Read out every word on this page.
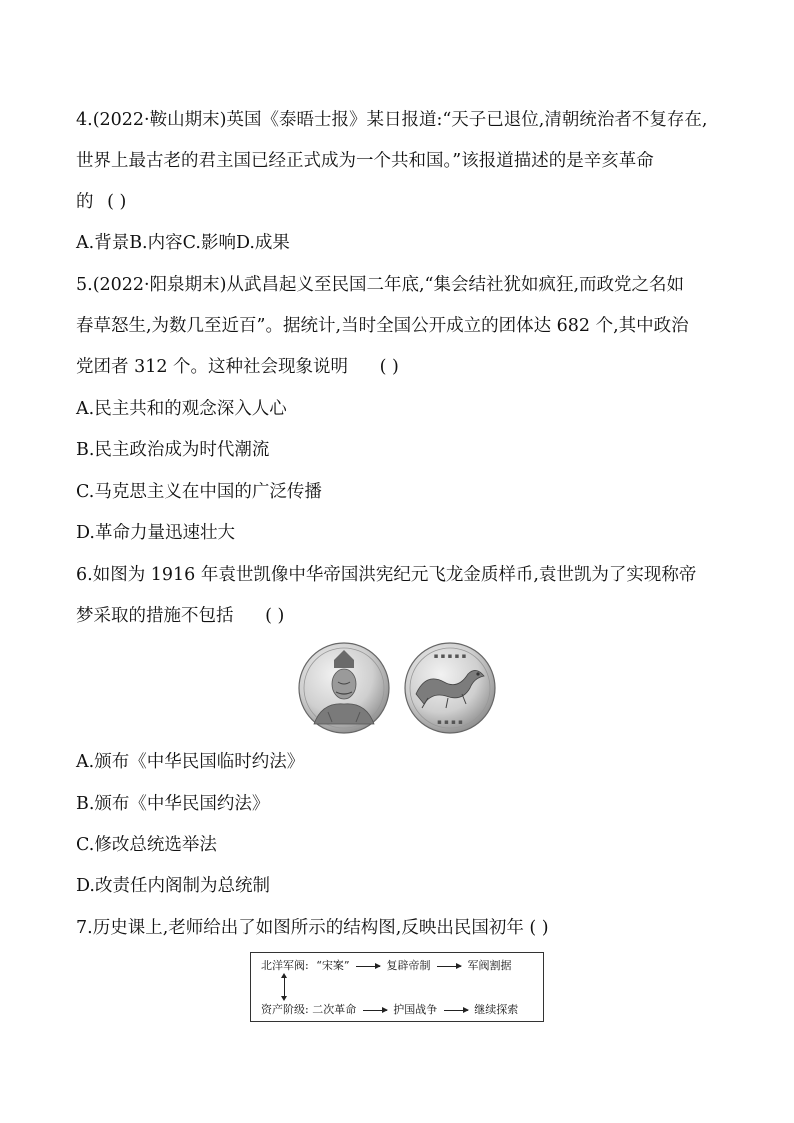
4.(2022·鞍山期末)英国《泰晤士报》某日报道:“天子已退位,清朝统治者不复存在,
世界上最古老的君主国已经正式成为一个共和国。”该报道描述的是辛亥革命
的 ( )
A.背景B.内容C.影响D.成果
5.(2022·阳泉期末)从武昌起义至民国二年底,“集会结社犹如疯狂,而政党之名如
春草怒生,为数几至近百”。据统计,当时全国公开成立的团体达 682 个,其中政治
党团者 312 个。这种社会现象说明 ( )
A.民主共和的观念深入人心
B.民主政治成为时代潮流
C.马克思主义在中国的广泛传播
D.革命力量迅速壮大
6.如图为 1916 年袁世凯像中华帝国洪宪纪元飞龙金质样币,袁世凯为了实现称帝
梦采取的措施不包括 ( )
▪ ▪ ▪ ▪ ▪
▪ ▪ ▪ ▪
A.颁布《中华民国临时约法》
B.颁布《中华民国约法》
C.修改总统选举法
D.改责任内阁制为总统制
7.历史课上,老师给出了如图所示的结构图,反映出民国初年 ( )
北洋军阀: “宋案”	复辟帝制	军阀割据
资产阶级: 二次革命	护国战争	继续探索
